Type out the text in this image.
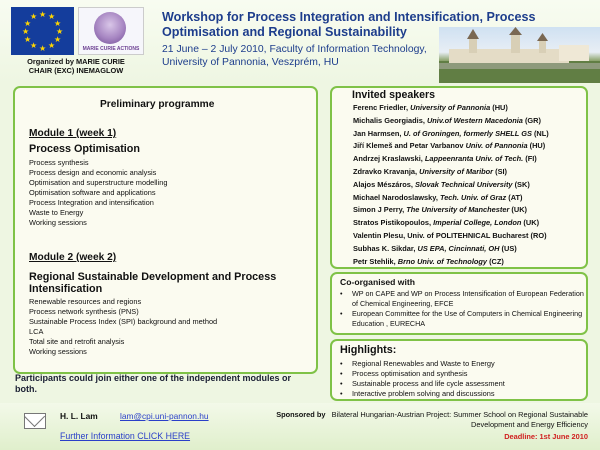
★ ★
★
★
★
★
★
★
★
★
★
★
MARIE CURIE ACTIONS
Organized by MARIE CURIE
CHAIR (EXC) INEMAGLOW
Workshop for Process Integration and Intensification, Process Optimisation and Regional Sustainability
21 June – 2 July 2010, Faculty of Information Technology, University of Pannonia, Veszprém, HU
Preliminary programme
Module 1 (week 1)
Process Optimisation
Process synthesis
Process design and economic analysis
Optimisation and superstructure modelling
Optimisation software and applications
Process Integration and intensification
Waste to Energy
Working sessions
Module 2 (week 2)
Regional Sustainable Development and Process Intensification
Renewable resources and regions
Process network synthesis (PNS)
Sustainable Process Index (SPI) background and method
LCA
Total site and retrofit analysis
Working sessions
Participants could join either one of the independent modules or both.
Invited speakers
Ferenc Friedler, University of Pannonia (HU)
Michalis Georgiadis, Univ.of Western Macedonia (GR)
Jan Harmsen, U. of Groningen, formerly SHELL GS (NL)
Jiří Klemeš and Petar Varbanov Univ. of Pannonia (HU)
Andrzej Kraslawski, Lappeenranta Univ. of Tech. (FI)
Zdravko Kravanja, University of Maribor (SI)
Alajos Mészáros, Slovak Technical University (SK)
Michael Narodoslawsky, Tech. Univ. of Graz (AT)
Simon J Perry, The University of Manchester (UK)
Stratos Pistikopoulos, Imperial College, London (UK)
Valentin Plesu, Univ. of POLITEHNICAL Bucharest (RO)
Subhas K. Sikdar, US EPA, Cincinnati, OH (US)
Petr Stehlik, Brno Univ. of Technology (CZ)
Co-organised with
• WP on CAPE and WP on Process Intensification of European Federation of Chemical Engineering, EFCE
• European Committee for the Use of Computers in Chemical Engineering Education , EURECHA
Highlights:
• Regional Renewables and Waste to Energy
• Process optimisation and synthesis
• Sustainable process and life cycle assessment
• Interactive problem solving and discussions
H. L. Lam	lam@cpi.uni-pannon.hu
Further Information CLICK HERE
Sponsored by Bilateral Hungarian-Austrian Project: Summer School on Regional Sustainable Development and Energy Efficiency
Deadline: 1st June 2010
